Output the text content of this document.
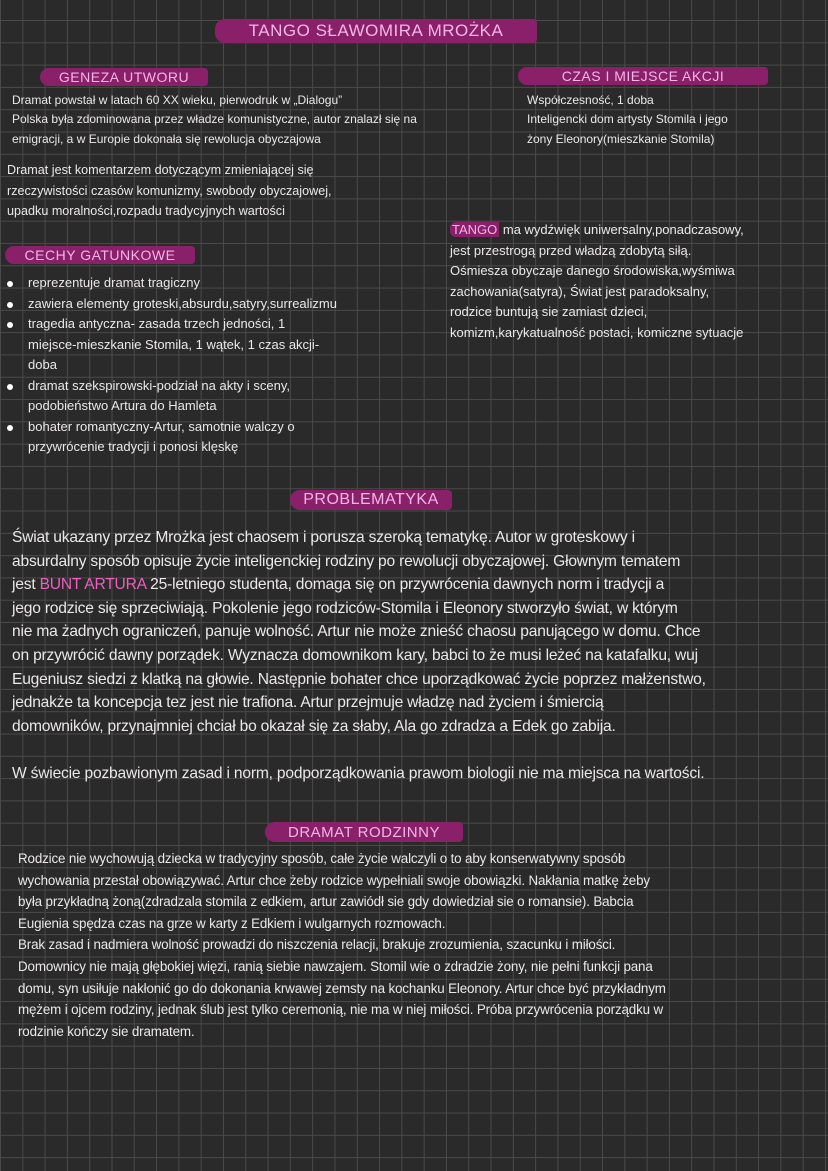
TANGO SŁAWOMIRA MROŻKA
GENEZA UTWORU
Dramat powstał w latach 60 XX wieku, pierwodruk w „Dialogu”
Polska była zdominowana przez władze komunistyczne, autor znalazł się na
emigracji, a w Europie dokonała się rewolucja obyczajowa
Dramat jest komentarzem dotyczącym zmieniającej się
rzeczywistości czasów komunizmy, swobody obyczajowej,
upadku moralności,rozpadu tradycyjnych wartości
CZAS I MIEJSCE AKCJI
Współczesność, 1 doba
Inteligencki dom artysty Stomila i jego
żony Eleonory(mieszkanie Stomila)
TANGO ma wydźwięk uniwersalny,ponadczasowy,
jest przestrogą przed władzą zdobytą siłą.
Ośmiesza obyczaje danego środowiska,wyśmiwa
zachowania(satyra), Świat jest paradoksalny,
rodzice buntują sie zamiast dzieci,
komizm,karykatualność postaci, komiczne sytuacje
CECHY GATUNKOWE
reprezentuje dramat tragiczny
zawiera elementy groteski,absurdu,satyry,surrealizmu
tragedia antyczna- zasada trzech jedności, 1
miejsce-mieszkanie Stomila, 1 wątek, 1 czas akcji-
doba
dramat szekspirowski-podział na akty i sceny,
podobieństwo Artura do Hamleta
bohater romantyczny-Artur, samotnie walczy o
przywrócenie tradycji i ponosi klęskę
PROBLEMATYKA
Świat ukazany przez Mrożka jest chaosem i porusza szeroką tematykę. Autor w groteskowy i
absurdalny sposób opisuje życie inteligenckiej rodziny po rewolucji obyczajowej. Głownym tematem
jest BUNT ARTURA 25-letniego studenta, domaga się on przywrócenia dawnych norm i tradycji a
jego rodzice się sprzeciwiają. Pokolenie jego rodziców-Stomila i Eleonory stworzyło świat, w którym
nie ma żadnych ograniczeń, panuje wolność. Artur nie może znieść chaosu panującego w domu. Chce
on przywrócić dawny porządek. Wyznacza domownikom kary, babci to że musi leżeć na katafalku, wuj
Eugeniusz siedzi z klatką na głowie. Następnie bohater chce uporządkować życie poprzez małżenstwo,
jednakże ta koncepcja tez jest nie trafiona. Artur przejmuje władzę nad życiem i śmiercią
domowników, przynajmniej chciał bo okazał się za słaby, Ala go zdradza a Edek go zabija.
W świecie pozbawionym zasad i norm, podporządkowania prawom biologii nie ma miejsca na wartości.
DRAMAT RODZINNY
Rodzice nie wychowują dziecka w tradycyjny sposób, całe życie walczyli o to aby konserwatywny sposób
wychowania przestał obowiązywać. Artur chce żeby rodzice wypełniali swoje obowiązki. Nakłania matkę żeby
była przykładną żoną(zdradzala stomila z edkiem, artur zawiódł sie gdy dowiedział sie o romansie). Babcia
Eugienia spędza czas na grze w karty z Edkiem i wulgarnych rozmowach.
Brak zasad i nadmiera wolność prowadzi do niszczenia relacji, brakuje zrozumienia, szacunku i miłości.
Domownicy nie mają głębokiej więzi, ranią siebie nawzajem. Stomil wie o zdradzie żony, nie pełni funkcji pana
domu, syn usiłuje nakłonić go do dokonania krwawej zemsty na kochanku Eleonory. Artur chce być przykładnym
mężem i ojcem rodziny, jednak ślub jest tylko ceremonią, nie ma w niej miłości. Próba przywrócenia porządku w
rodzinie kończy sie dramatem.
